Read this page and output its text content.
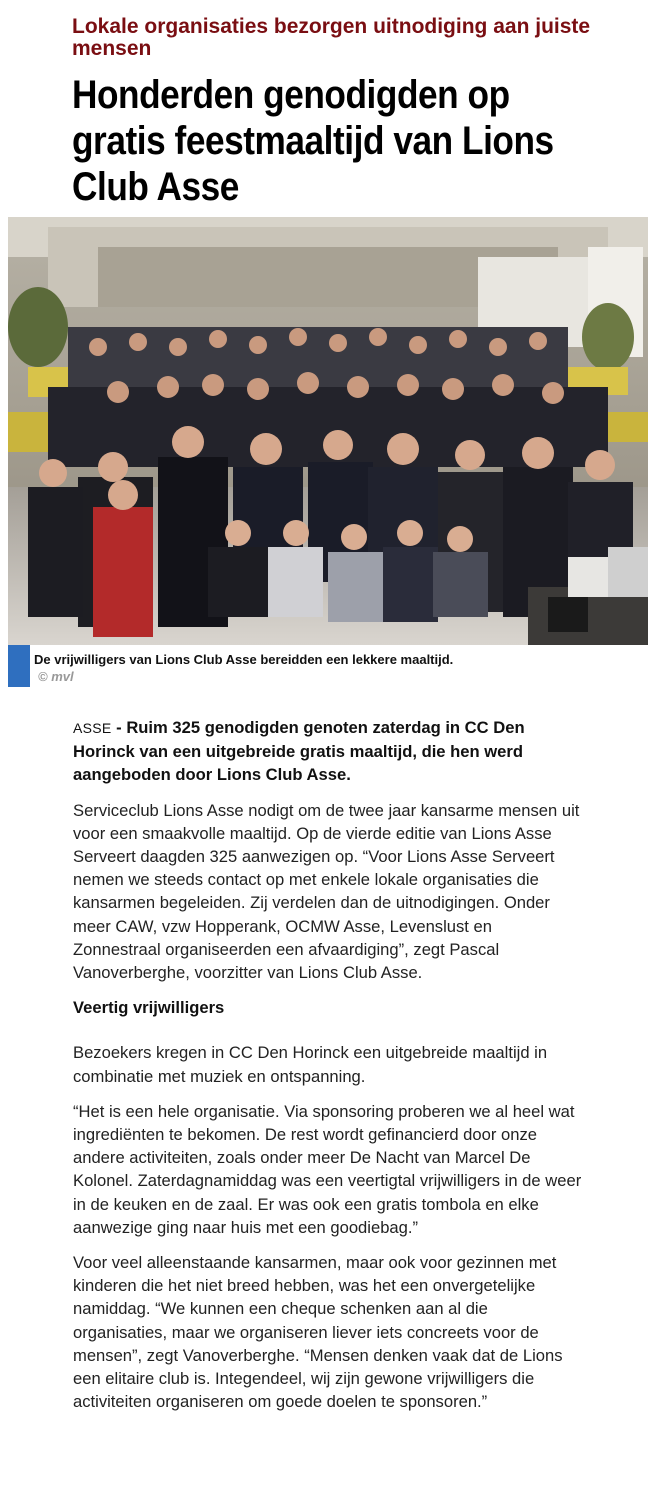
Lokale organisaties bezorgen uitnodiging aan juiste mensen
Honderden genodigden op gratis feestmaaltijd van Lions Club Asse

De vrijwilligers van Lions Club Asse bereidden een lekkere maaltijd.

© mvl

ASSE - Ruim 325 genodigden genoten zaterdag in CC Den Horinck van een uitgebreide gratis maaltijd, die hen werd aangeboden door Lions Club Asse.

Serviceclub Lions Asse nodigt om de twee jaar kansarme mensen uit voor een smaakvolle maaltijd. Op de vierde editie van Lions Asse Serveert daagden 325 aanwezigen op. “Voor Lions Asse Serveert nemen we steeds contact op met enkele lokale organisaties die kansarmen begeleiden. Zij verdelen dan de uitnodigingen. Onder meer CAW, vzw Hopperank, OCMW Asse, Levenslust en Zonnestraal organiseerden een afvaardiging”, zegt Pascal Vanoverberghe, voorzitter van Lions Club Asse.

Veertig vrijwilligers

Bezoekers kregen in CC Den Horinck een uitgebreide maaltijd in combinatie met muziek en ontspanning.

“Het is een hele organisatie. Via sponsoring proberen we al heel wat ingrediënten te bekomen. De rest wordt gefinancierd door onze andere activiteiten, zoals onder meer De Nacht van Marcel De Kolonel. Zaterdagnamiddag was een veertigtal vrijwilligers in de weer in de keuken en de zaal. Er was ook een gratis tombola en elke aanwezige ging naar huis met een goodiebag.”

Voor veel alleenstaande kansarmen, maar ook voor gezinnen met kinderen die het niet breed hebben, was het een onvergetelijke namiddag. “We kunnen een cheque schenken aan al die organisaties, maar we organiseren liever iets concreets voor de mensen”, zegt Vanoverberghe. “Mensen denken vaak dat de Lions een elitaire club is. Integendeel, wij zijn gewone vrijwilligers die activiteiten organiseren om goede doelen te sponsoren.”
